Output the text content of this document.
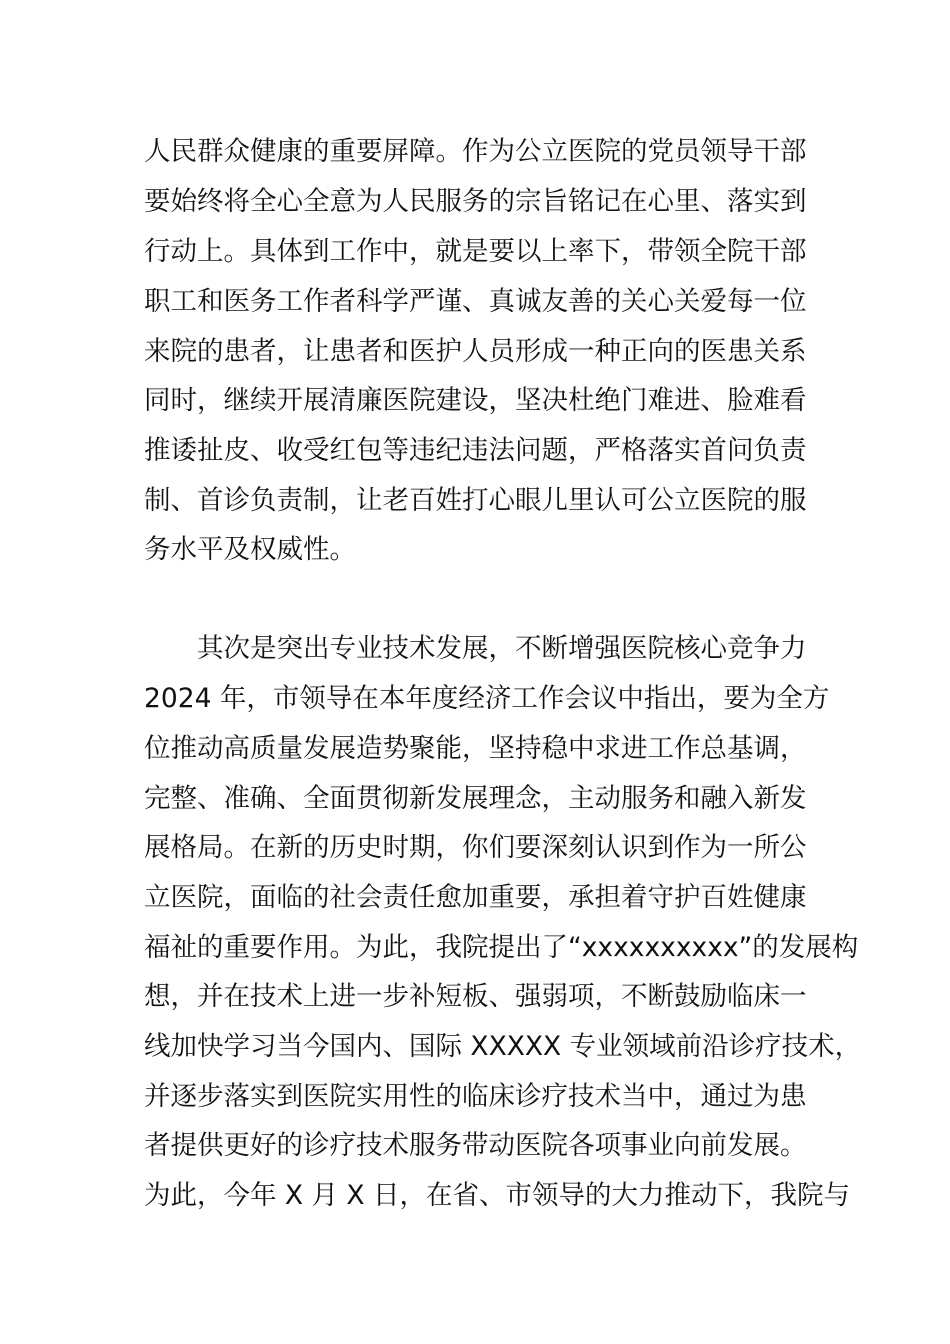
人民群众健康的重要屏障。作为公立医院的党员领导干部
要始终将全心全意为人民服务的宗旨铭记在心里、落实到
行动上。具体到工作中，就是要以上率下，带领全院干部
职工和医务工作者科学严谨、真诚友善的关心关爱每一位
来院的患者，让患者和医护人员形成一种正向的医患关系
同时，继续开展清廉医院建设，坚决杜绝门难进、脸难看
推诿扯皮、收受红包等违纪违法问题，严格落实首问负责
制、首诊负责制，让老百姓打心眼儿里认可公立医院的服
务水平及权威性。
　　其次是突出专业技术发展，不断增强医院核心竞争力
2024 年，市领导在本年度经济工作会议中指出，要为全方
位推动高质量发展造势聚能，坚持稳中求进工作总基调，
完整、准确、全面贯彻新发展理念，主动服务和融入新发
展格局。在新的历史时期，你们要深刻认识到作为一所公
立医院，面临的社会责任愈加重要，承担着守护百姓健康
福祉的重要作用。为此，我院提出了“xxxxxxxxxx”的发展构
想，并在技术上进一步补短板、强弱项，不断鼓励临床一
线加快学习当今国内、国际 XXXXX 专业领域前沿诊疗技术，
并逐步落实到医院实用性的临床诊疗技术当中，通过为患
者提供更好的诊疗技术服务带动医院各项事业向前发展。
为此，今年 X 月 X 日，在省、市领导的大力推动下，我院与
